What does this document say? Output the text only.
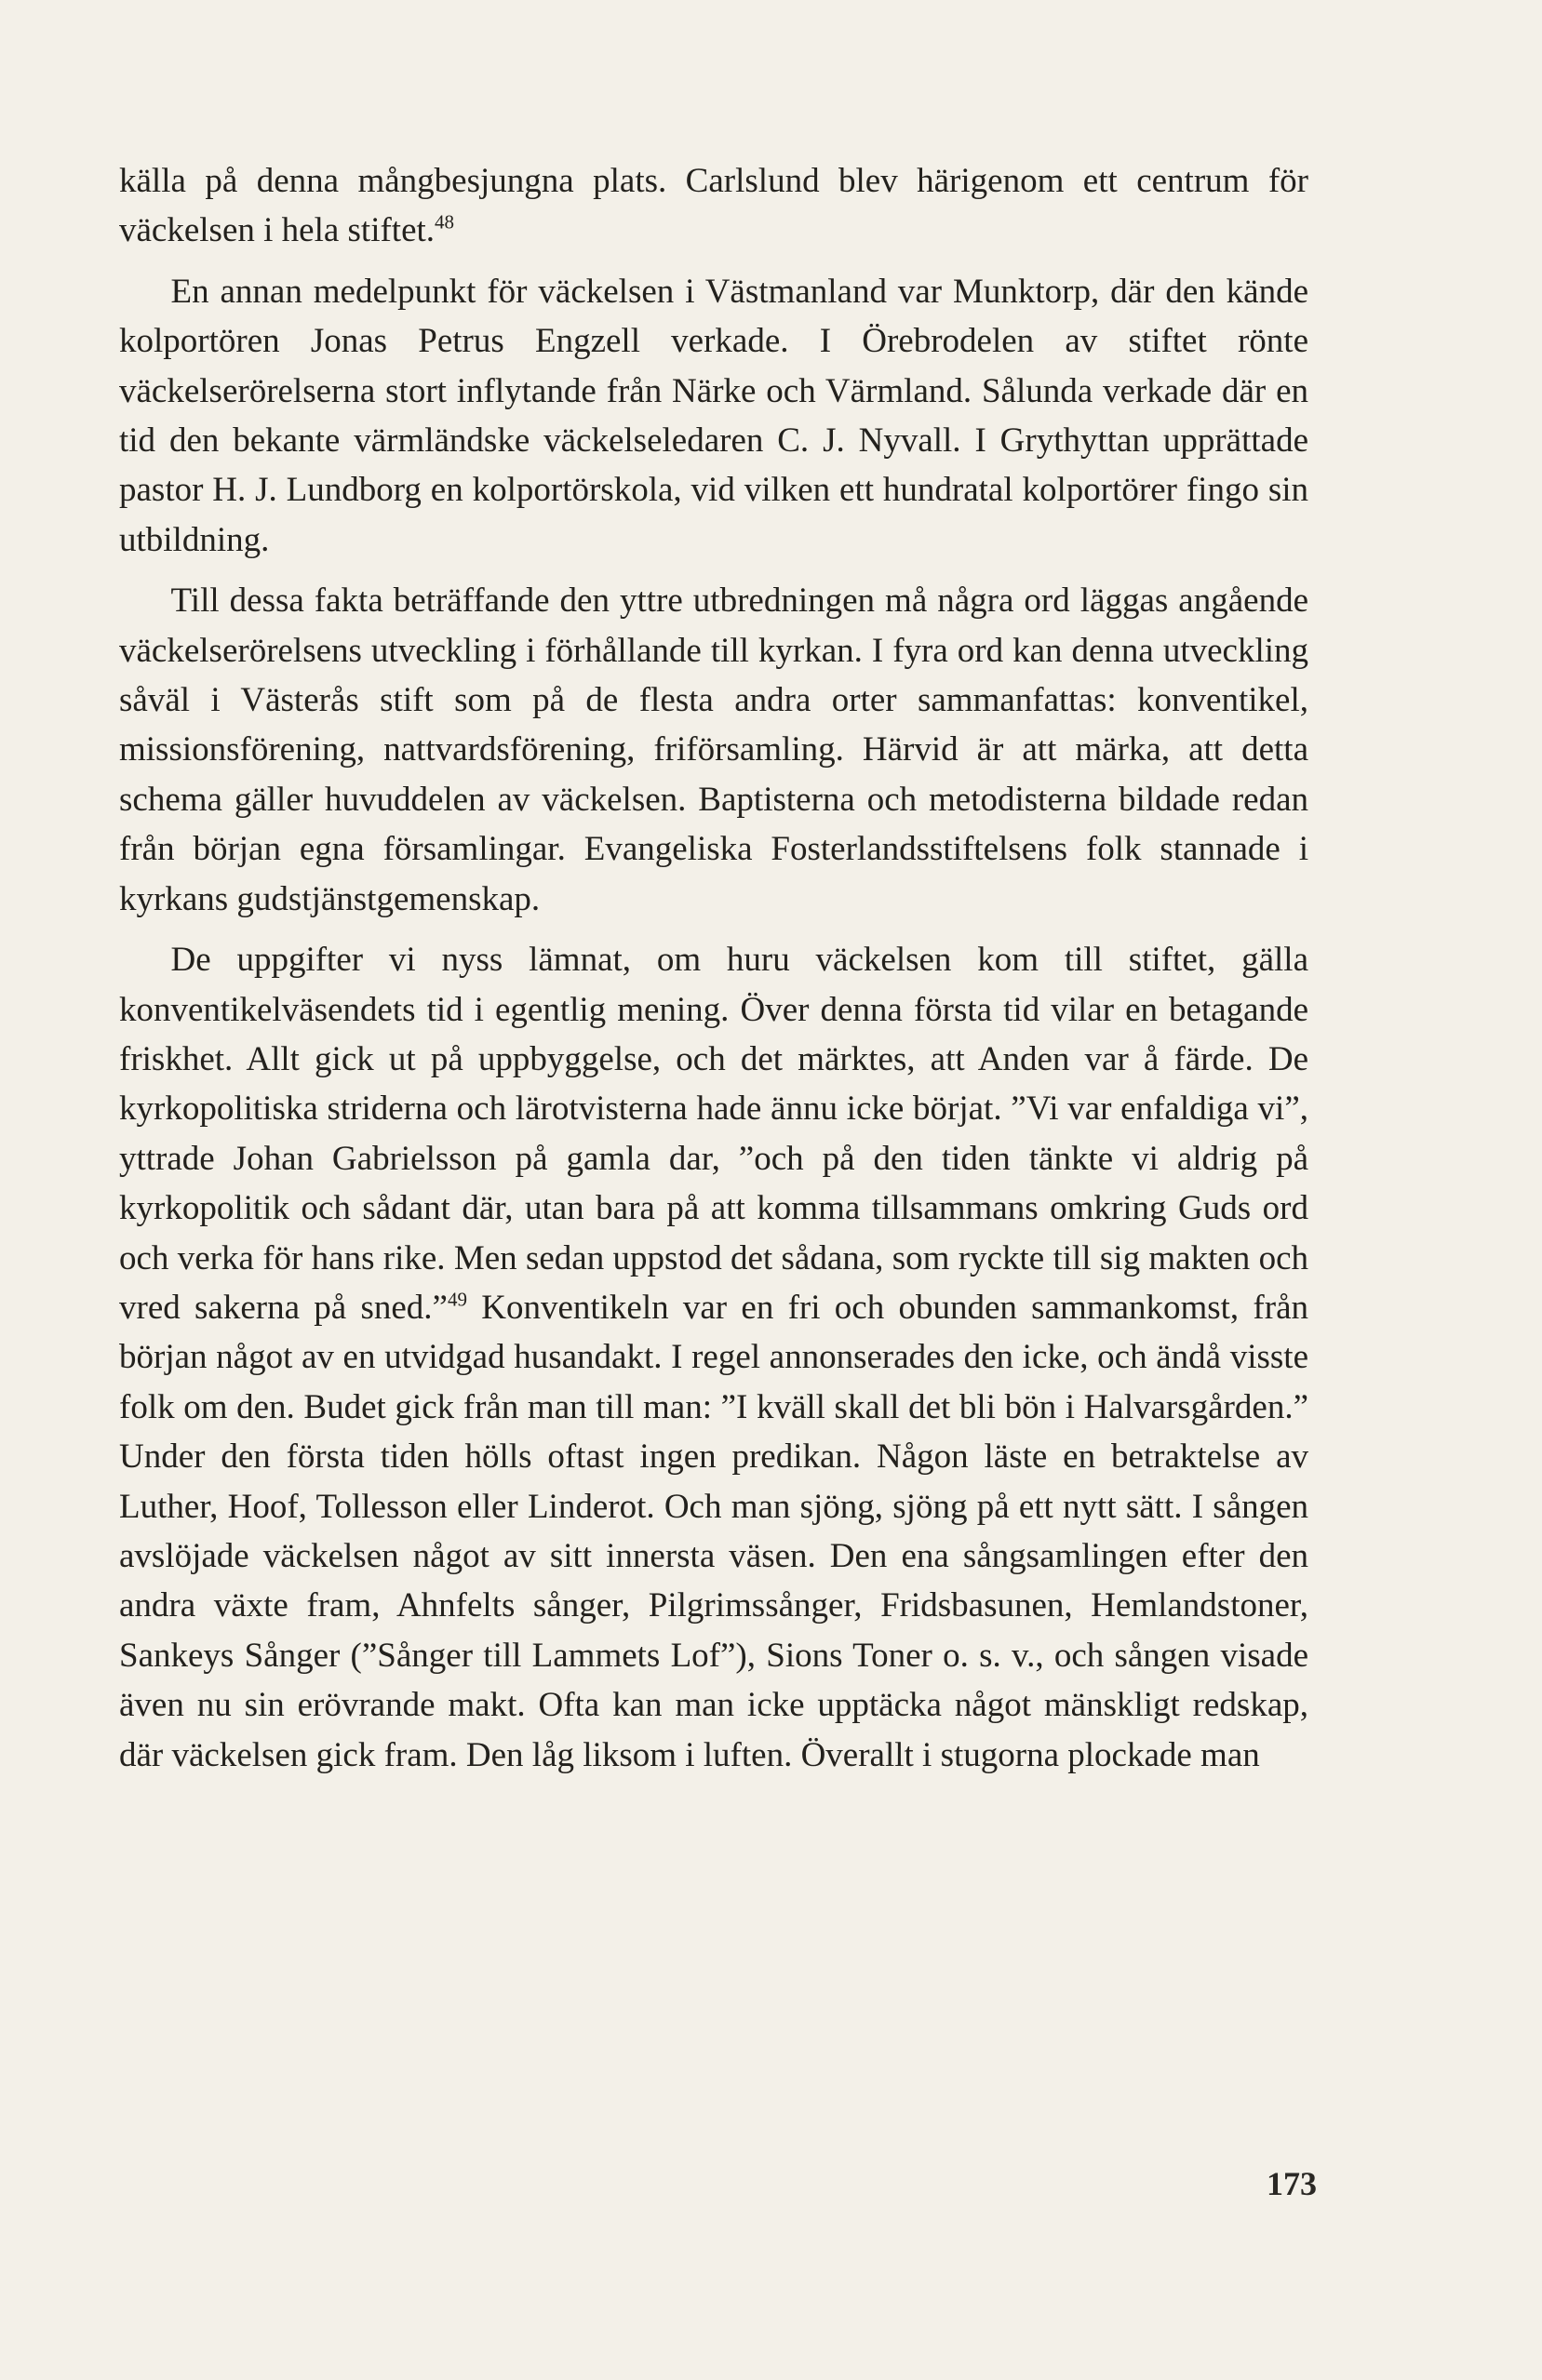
källa på denna mångbesjungna plats. Carlslund blev härigenom ett centrum för väckelsen i hela stiftet.$^{48}$

En annan medelpunkt för väckelsen i Västmanland var Munktorp, där den kände kolportören Jonas Petrus Engzell verkade. I Örebrodelen av stiftet rönte väckelserörelserna stort inflytande från Närke och Värmland. Sålunda verkade där en tid den bekante värmländske väckelseledaren C. J. Nyvall. I Grythyttan upprättade pastor H. J. Lundborg en kolportörskola, vid vilken ett hundratal kolportörer fingo sin utbildning.

Till dessa fakta beträffande den yttre utbredningen må några ord läggas angående väckelserörelsens utveckling i förhållande till kyrkan. I fyra ord kan denna utveckling såväl i Västerås stift som på de flesta andra orter sammanfattas: konventikel, missionsförening, nattvardsförening, friförsamling. Härvid är att märka, att detta schema gäller huvuddelen av väckelsen. Baptisterna och metodisterna bildade redan från början egna församlingar. Evangeliska Fosterlandsstiftelsens folk stannade i kyrkans gudstjänstgemenskap.

De uppgifter vi nyss lämnat, om huru väckelsen kom till stiftet, gälla konventikelväsendets tid i egentlig mening. Över denna första tid vilar en betagande friskhet. Allt gick ut på uppbyggelse, och det märktes, att Anden var å färde. De kyrkopolitiska striderna och lärotvisterna hade ännu icke börjat. ”Vi var enfaldiga vi”, yttrade Johan Gabrielsson på gamla dar, ”och på den tiden tänkte vi aldrig på kyrkopolitik och sådant där, utan bara på att komma tillsammans omkring Guds ord och verka för hans rike. Men sedan uppstod det sådana, som ryckte till sig makten och vred sakerna på sned.”$^{49}$ Konventikeln var en fri och obunden sammankomst, från början något av en utvidgad husandakt. I regel annonserades den icke, och ändå visste folk om den. Budet gick från man till man: ”I kväll skall det bli bön i Halvarsgården.” Under den första tiden hölls oftast ingen predikan. Någon läste en betraktelse av Luther, Hoof, Tollesson eller Linderot. Och man sjöng, sjöng på ett nytt sätt. I sången avslöjade väckelsen något av sitt innersta väsen. Den ena sångsamlingen efter den andra växte fram, Ahnfelts sånger, Pilgrimssånger, Fridsbasunen, Hemlandstoner, Sankeys Sånger (”Sånger till Lammets Lof”), Sions Toner o. s. v., och sången visade även nu sin erövrande makt. Ofta kan man icke upptäcka något mänskligt redskap, där väckelsen gick fram. Den låg liksom i luften. Överallt i stugorna plockade man

173
